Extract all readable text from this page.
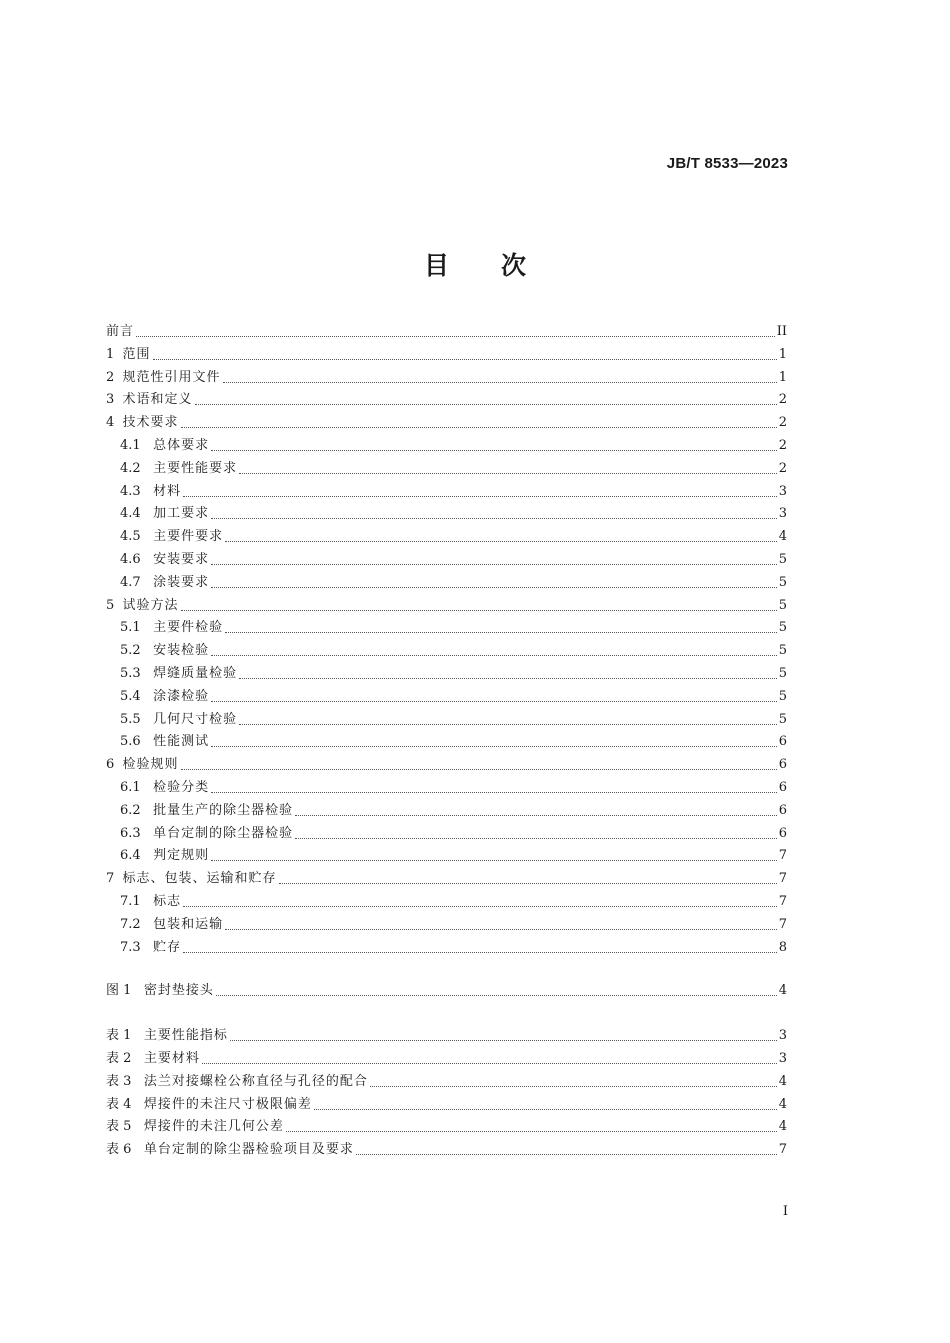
JB/T 8533—2023
目 次
前言	II
1 范围	1
2 规范性引用文件	1
3 术语和定义	2
4 技术要求	2
4.1 总体要求	2
4.2 主要性能要求	2
4.3 材料	3
4.4 加工要求	3
4.5 主要件要求	4
4.6 安装要求	5
4.7 涂装要求	5
5 试验方法	5
5.1 主要件检验	5
5.2 安装检验	5
5.3 焊缝质量检验	5
5.4 涂漆检验	5
5.5 几何尺寸检验	5
5.6 性能测试	6
6 检验规则	6
6.1 检验分类	6
6.2 批量生产的除尘器检验	6
6.3 单台定制的除尘器检验	6
6.4 判定规则	7
7 标志、包装、运输和贮存	7
7.1 标志	7
7.2 包装和运输	7
7.3 贮存	8
图 1 密封垫接头	4
表 1 主要性能指标	3
表 2 主要材料	3
表 3 法兰对接螺栓公称直径与孔径的配合	4
表 4 焊接件的未注尺寸极限偏差	4
表 5 焊接件的未注几何公差	4
表 6 单台定制的除尘器检验项目及要求	7
I
